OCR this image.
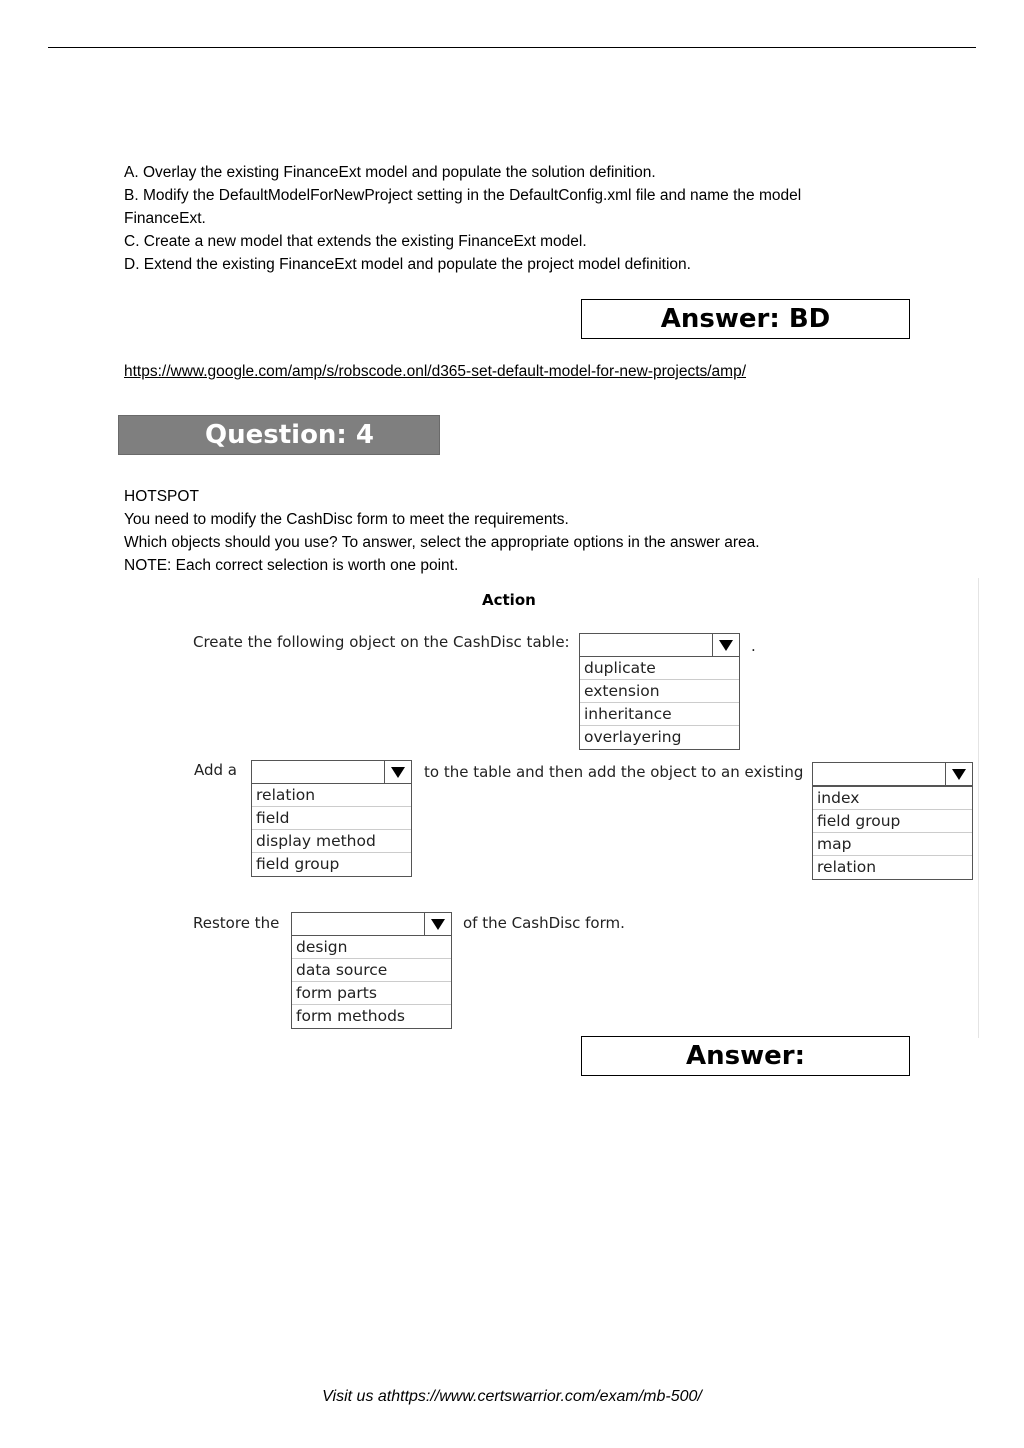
A. Overlay the existing FinanceExt model and populate the solution definition.
B. Modify the DefaultModelForNewProject setting in the DefaultConfig.xml file and name the model
FinanceExt.
C. Create a new model that extends the existing FinanceExt model.
D. Extend the existing FinanceExt model and populate the project model definition.
Answer: BD
https://www.google.com/amp/s/robscode.onl/d365-set-default-model-for-new-projects/amp/
Question: 4
HOTSPOT
You need to modify the CashDisc form to meet the requirements.
Which objects should you use? To answer, select the appropriate options in the answer area.
NOTE: Each correct selection is worth one point.
Action
Create the following object on the CashDisc table:	.
duplicate
extension
inheritance
overlayering
Add a
relation
field
display method
field group
to the table and then add the object to an existing
index
field group
map
relation
Restore the	of the CashDisc form.
design
data source
form parts
form methods
Answer:
Visit us athttps://www.certswarrior.com/exam/mb-500/
